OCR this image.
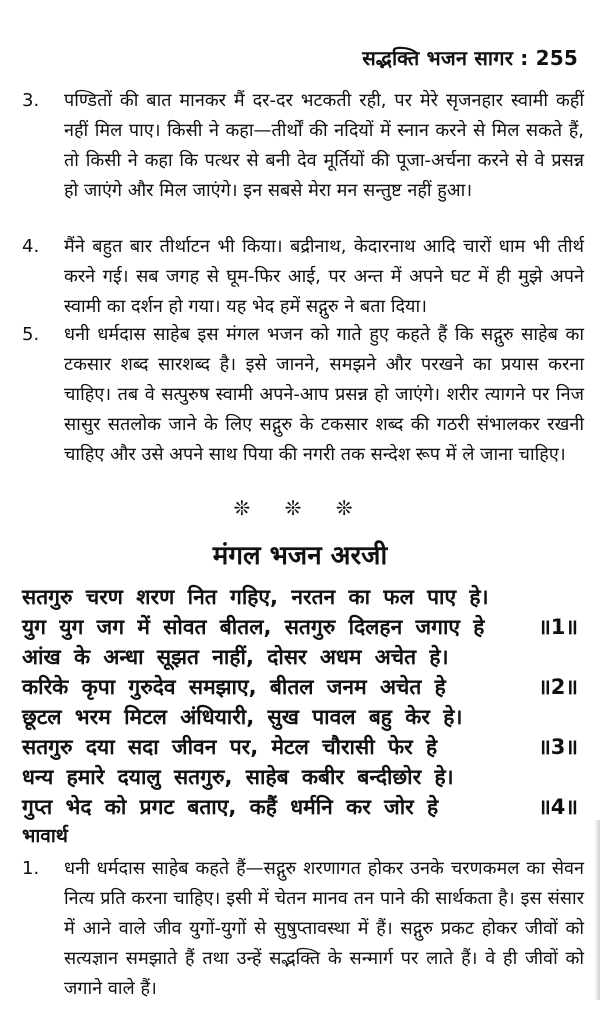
सद्भक्ति भजन सागर : 255
3.	पण्डितों की बात मानकर मैं दर-दर भटकती रही, पर मेरे सृजनहार स्वामी कहीं नहीं मिल पाए। किसी ने कहा—तीर्थों की नदियों में स्नान करने से मिल सकते हैं, तो किसी ने कहा कि पत्थर से बनी देव मूर्तियों की पूजा-अर्चना करने से वे प्रसन्न हो जाएंगे और मिल जाएंगे। इन सबसे मेरा मन सन्तुष्ट नहीं हुआ।
4.	मैंने बहुत बार तीर्थाटन भी किया। बद्रीनाथ, केदारनाथ आदि चारों धाम भी तीर्थ करने गई। सब जगह से घूम-फिर आई, पर अन्त में अपने घट में ही मुझे अपने स्वामी का दर्शन हो गया। यह भेद हमें सद्गुरु ने बता दिया।
5.	धनी धर्मदास साहेब इस मंगल भजन को गाते हुए कहते हैं कि सद्गुरु साहेब का टकसार शब्द सारशब्द है। इसे जानने, समझने और परखने का प्रयास करना चाहिए। तब वे सत्पुरुष स्वामी अपने-आप प्रसन्न हो जाएंगे। शरीर त्यागने पर निज सासुर सतलोक जाने के लिए सद्गुरु के टकसार शब्द की गठरी संभालकर रखनी चाहिए और उसे अपने साथ पिया की नगरी तक सन्देश रूप में ले जाना चाहिए।
❊ ❊ ❊
मंगल भजन अरजी
सतगुरु चरण शरण नित गहिए, नरतन का फल पाए हे।
युग युग जग में सोवत बीतल, सतगुरु दिलहन जगाए हे	॥1॥
आंख के अन्धा सूझत नाहीं, दोसर अधम अचेत हे।
करिके कृपा गुरुदेव समझाए, बीतल जनम अचेत हे	॥2॥
छूटल भरम मिटल अंधियारी, सुख पावल बहु केर हे।
सतगुरु दया सदा जीवन पर, मेटल चौरासी फेर हे	॥3॥
धन्य हमारे दयालु सतगुरु, साहेब कबीर बन्दीछोर हे।
गुप्त भेद को प्रगट बताए, कहैं धर्मनि कर जोर हे	॥4॥
भावार्थ
1.	धनी धर्मदास साहेब कहते हैं—सद्गुरु शरणागत होकर उनके चरणकमल का सेवन नित्य प्रति करना चाहिए। इसी में चेतन मानव तन पाने की सार्थकता है। इस संसार में आने वाले जीव युगों-युगों से सुषुप्तावस्था में हैं। सद्गुरु प्रकट होकर जीवों को सत्यज्ञान समझाते हैं तथा उन्हें सद्भक्ति के सन्मार्ग पर लाते हैं। वे ही जीवों को जगाने वाले हैं।
